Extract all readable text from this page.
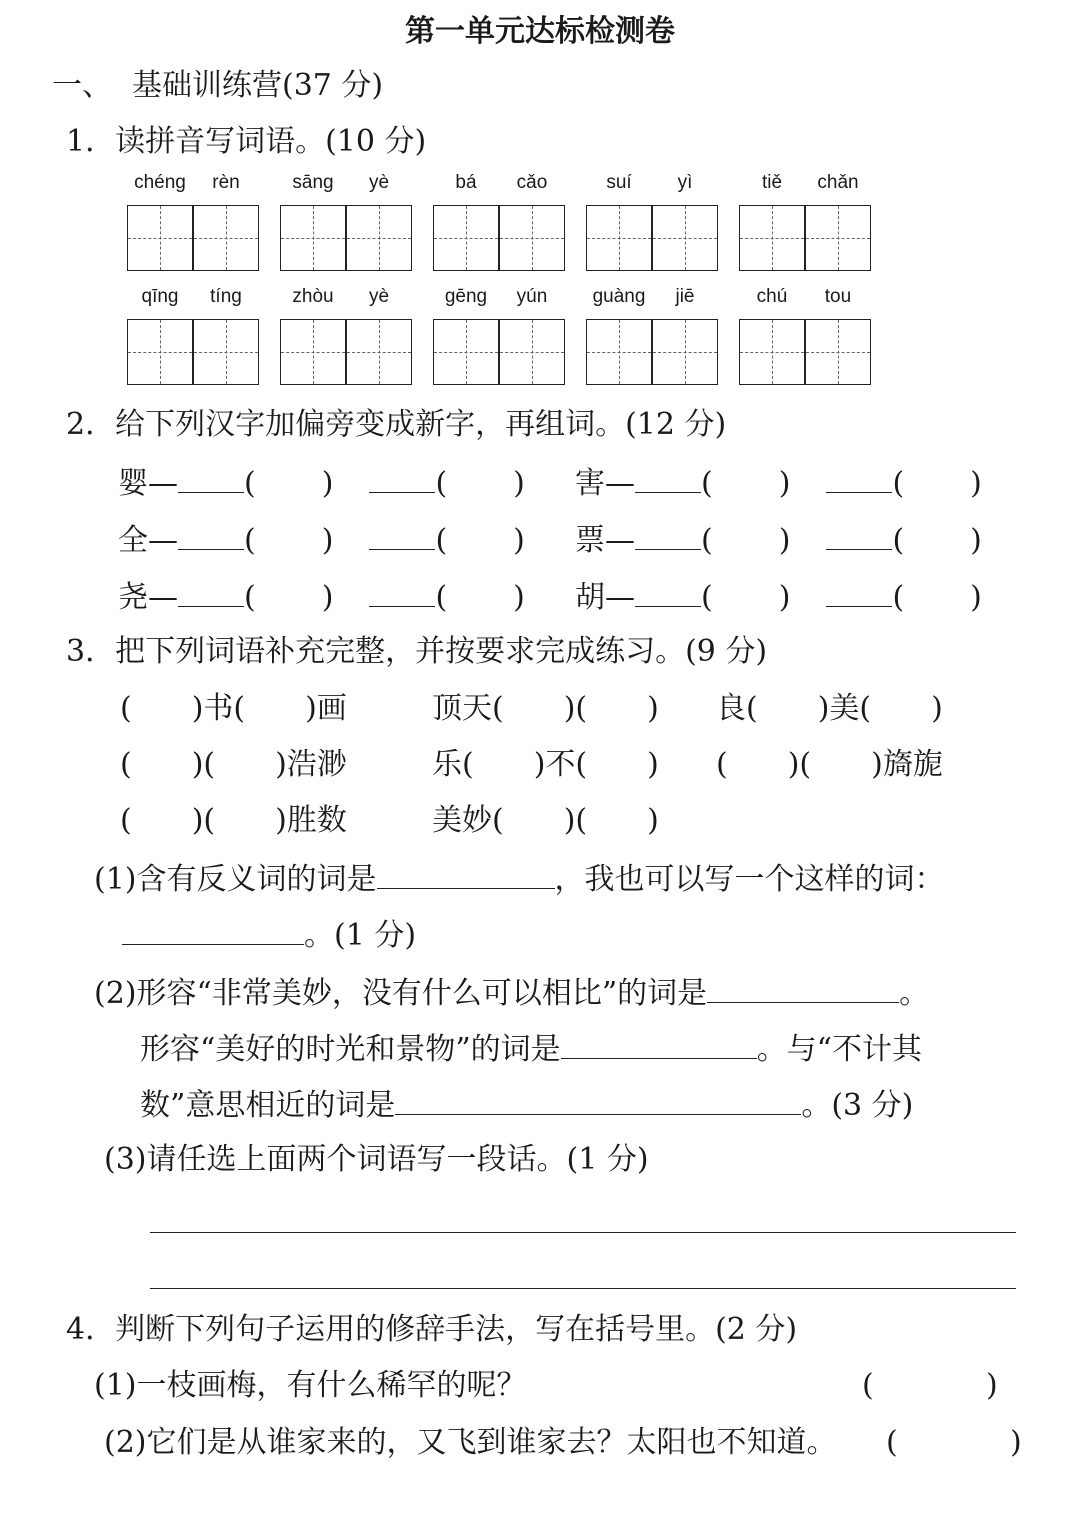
第一单元达标检测卷
一、 基础训练营(37 分)
1．读拼音写词语。(10 分)
chéng	rèn	sāng	yè	bá	cǎo	suí	yì	tiě	chǎn
qīng	tíng	zhòu	yè	gēng	yún	guàng	jiē	chú	tou
2．给下列汉字加偏旁变成新字，再组词。(12 分)
婴— ( )	( ) 害— ( )	( )
全— ( )	( ) 票— ( )	( )
尧— ( )	( ) 胡— ( )	( )
3．把下列词语补充完整，并按要求完成练习。(9 分)
(　　)书(　　)画	顶天(　　)(　　) 良(　　)美(　　)
(　　)(　　)浩渺	乐(　　)不(　　) (　　)(　　)旖旎
(　　)(　　)胜数	美妙(　　)(　　)
(1)含有反义词的词是	，我也可以写一个这样的词：
。(1 分)
(2)形容“非常美妙，没有什么可以相比”的词是	。
形容“美好的时光和景物”的词是	。与“不计其
数”意思相近的词是	。(3 分)
(3)请任选上面两个词语写一段话。(1 分)
4．判断下列句子运用的修辞手法，写在括号里。(2 分)
(1)一枝画梅，有什么稀罕的呢？	(	)
(2)它们是从谁家来的，又飞到谁家去？太阳也不知道。 (	)
